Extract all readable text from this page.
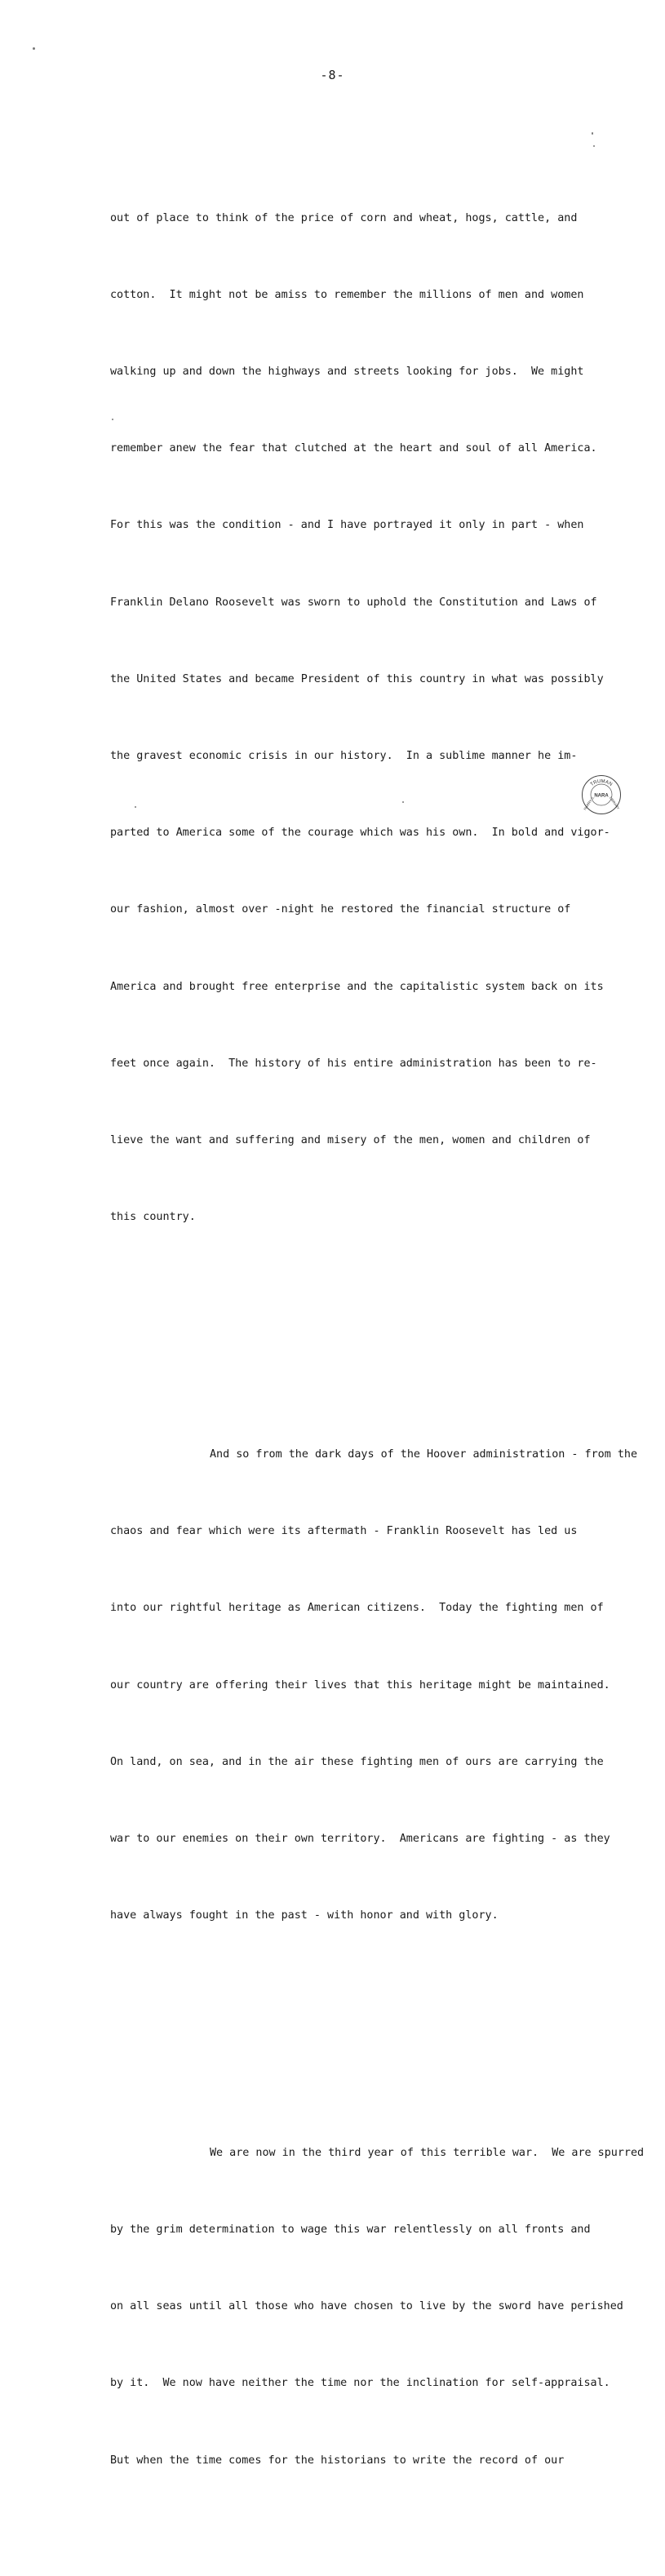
-8-

out of place to think of the price of corn and wheat, hogs, cattle, and

cotton.  It might not be amiss to remember the millions of men and women

walking up and down the highways and streets looking for jobs.  We might

remember anew the fear that clutched at the heart and soul of all America.

For this was the condition - and I have portrayed it only in part - when

Franklin Delano Roosevelt was sworn to uphold the Constitution and Laws of

the United States and became President of this country in what was possibly

the gravest economic crisis in our history.  In a sublime manner he im-

parted to America some of the courage which was his own.  In bold and vigor-

our fashion, almost over -night he restored the financial structure of

America and brought free enterprise and the capitalistic system back on its

feet once again.  The history of his entire administration has been to re-

lieve the want and suffering and misery of the men, women and children of

this country.

And so from the dark days of the Hoover administration - from the

chaos and fear which were its aftermath - Franklin Roosevelt has led us

into our rightful heritage as American citizens.  Today the fighting men of

our country are offering their lives that this heritage might be maintained.

On land, on sea, and in the air these fighting men of ours are carrying the

war to our enemies on their own territory.  Americans are fighting - as they

have always fought in the past - with honor and with glory.

We are now in the third year of this terrible war.  We are spurred

by the grim determination to wage this war relentlessly on all fronts and

on all seas until all those who have chosen to live by the sword have perished

by it.  We now have neither the time nor the inclination for self-appraisal.

But when the time comes for the historians to write the record of our

TRUMAN
HARRY S.	LIBRARY
NARA
